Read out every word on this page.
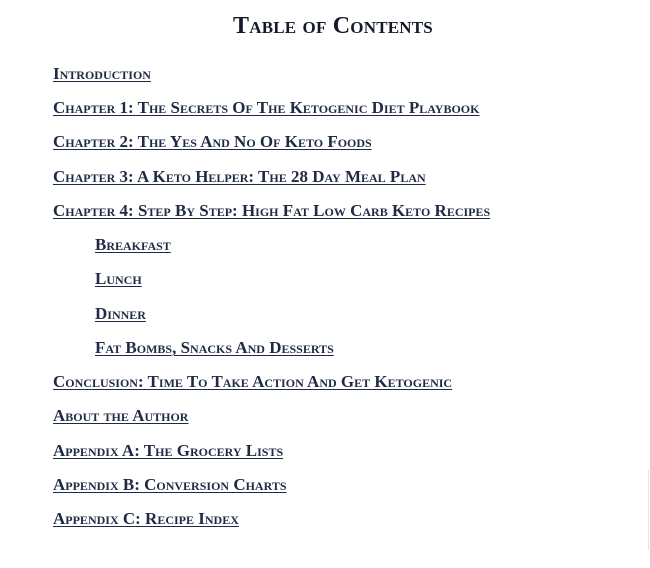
Table of Contents
Introduction
Chapter 1: The Secrets Of The Ketogenic Diet Playbook
Chapter 2: The Yes And No Of Keto Foods
Chapter 3: A Keto Helper: The 28 Day Meal Plan
Chapter 4: Step By Step: High Fat Low Carb Keto Recipes
Breakfast
Lunch
Dinner
Fat Bombs, Snacks And Desserts
Conclusion: Time To Take Action And Get Ketogenic
About the Author
Appendix A: The Grocery Lists
Appendix B: Conversion Charts
Appendix C: Recipe Index
